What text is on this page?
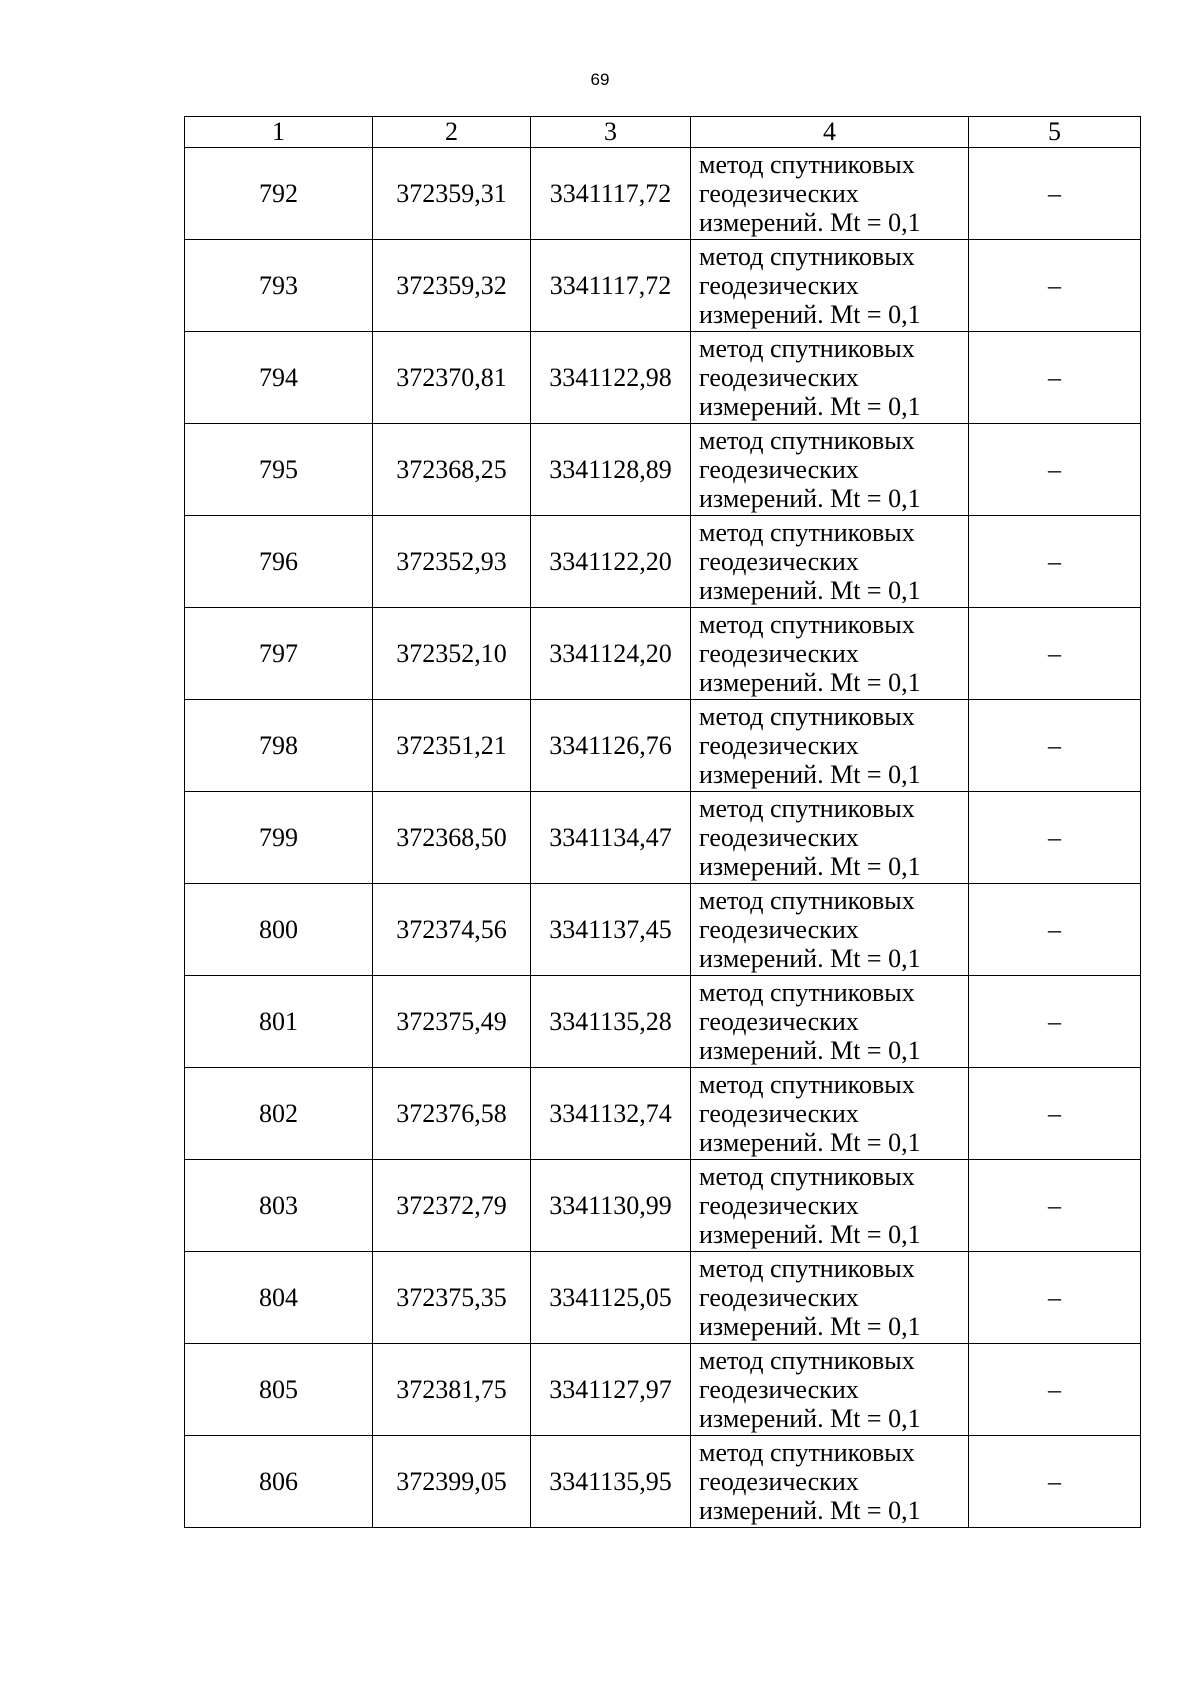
69
1	2	3	4	5
792	372359,31	3341117,72	метод спутниковых
геодезических
измерений. Mt = 0,1	–
793	372359,32	3341117,72	метод спутниковых
геодезических
измерений. Mt = 0,1	–
794	372370,81	3341122,98	метод спутниковых
геодезических
измерений. Mt = 0,1	–
795	372368,25	3341128,89	метод спутниковых
геодезических
измерений. Mt = 0,1	–
796	372352,93	3341122,20	метод спутниковых
геодезических
измерений. Mt = 0,1	–
797	372352,10	3341124,20	метод спутниковых
геодезических
измерений. Mt = 0,1	–
798	372351,21	3341126,76	метод спутниковых
геодезических
измерений. Mt = 0,1	–
799	372368,50	3341134,47	метод спутниковых
геодезических
измерений. Mt = 0,1	–
800	372374,56	3341137,45	метод спутниковых
геодезических
измерений. Mt = 0,1	–
801	372375,49	3341135,28	метод спутниковых
геодезических
измерений. Mt = 0,1	–
802	372376,58	3341132,74	метод спутниковых
геодезических
измерений. Mt = 0,1	–
803	372372,79	3341130,99	метод спутниковых
геодезических
измерений. Mt = 0,1	–
804	372375,35	3341125,05	метод спутниковых
геодезических
измерений. Mt = 0,1	–
805	372381,75	3341127,97	метод спутниковых
геодезических
измерений. Mt = 0,1	–
806	372399,05	3341135,95	метод спутниковых
геодезических
измерений. Mt = 0,1	–
